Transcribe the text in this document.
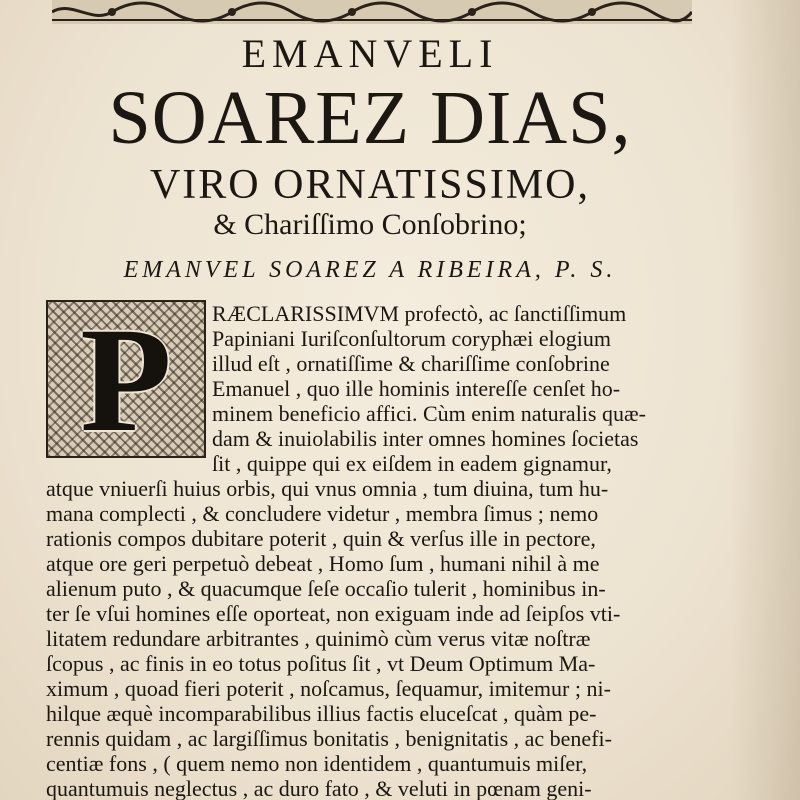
EMANVELI
SOAREZ DIAS,
VIRO ORNATISSIMO,
& Chariſſimo Conſobrino;
EMANVEL SOAREZ A RIBEIRA, P. S.
P	RÆCLARISSIMVM profectò, ac ſanctiſſimum
Papiniani Iuriſconſultorum coryphæi elogium
illud eſt , ornatiſſime & chariſſime conſobrine
Emanuel , quo ille hominis intereſſe cenſet ho-
minem beneficio affici. Cùm enim naturalis quæ-
dam & inuiolabilis inter omnes homines ſocietas
ſit , quippe qui ex eiſdem in eadem gignamur,
atque vniuerſi huius orbis, qui vnus omnia , tum diuina, tum hu-
mana complecti , & concludere videtur , membra ſimus ; nemo
rationis compos dubitare poterit , quin & verſus ille in pectore,
atque ore geri perpetuò debeat , Homo ſum , humani nihil à me
alienum puto , & quacumque ſeſe occaſio tulerit , hominibus in-
ter ſe vſui homines eſſe oporteat, non exiguam inde ad ſeipſos vti-
litatem redundare arbitrantes , quinimò cùm verus vitæ noſtræ
ſcopus , ac finis in eo totus poſitus ſit , vt Deum Optimum Ma-
ximum , quoad fieri poterit , noſcamus, ſequamur, imitemur ; ni-
hilque æquè incomparabilibus illius factis eluceſcat , quàm pe-
rennis quidam , ac largiſſimus bonitatis , benignitatis , ac benefi-
centiæ fons , ( quem nemo non identidem , quantumuis miſer,
quantumuis neglectus , ac duro fato , & veluti in pœnam geni-
